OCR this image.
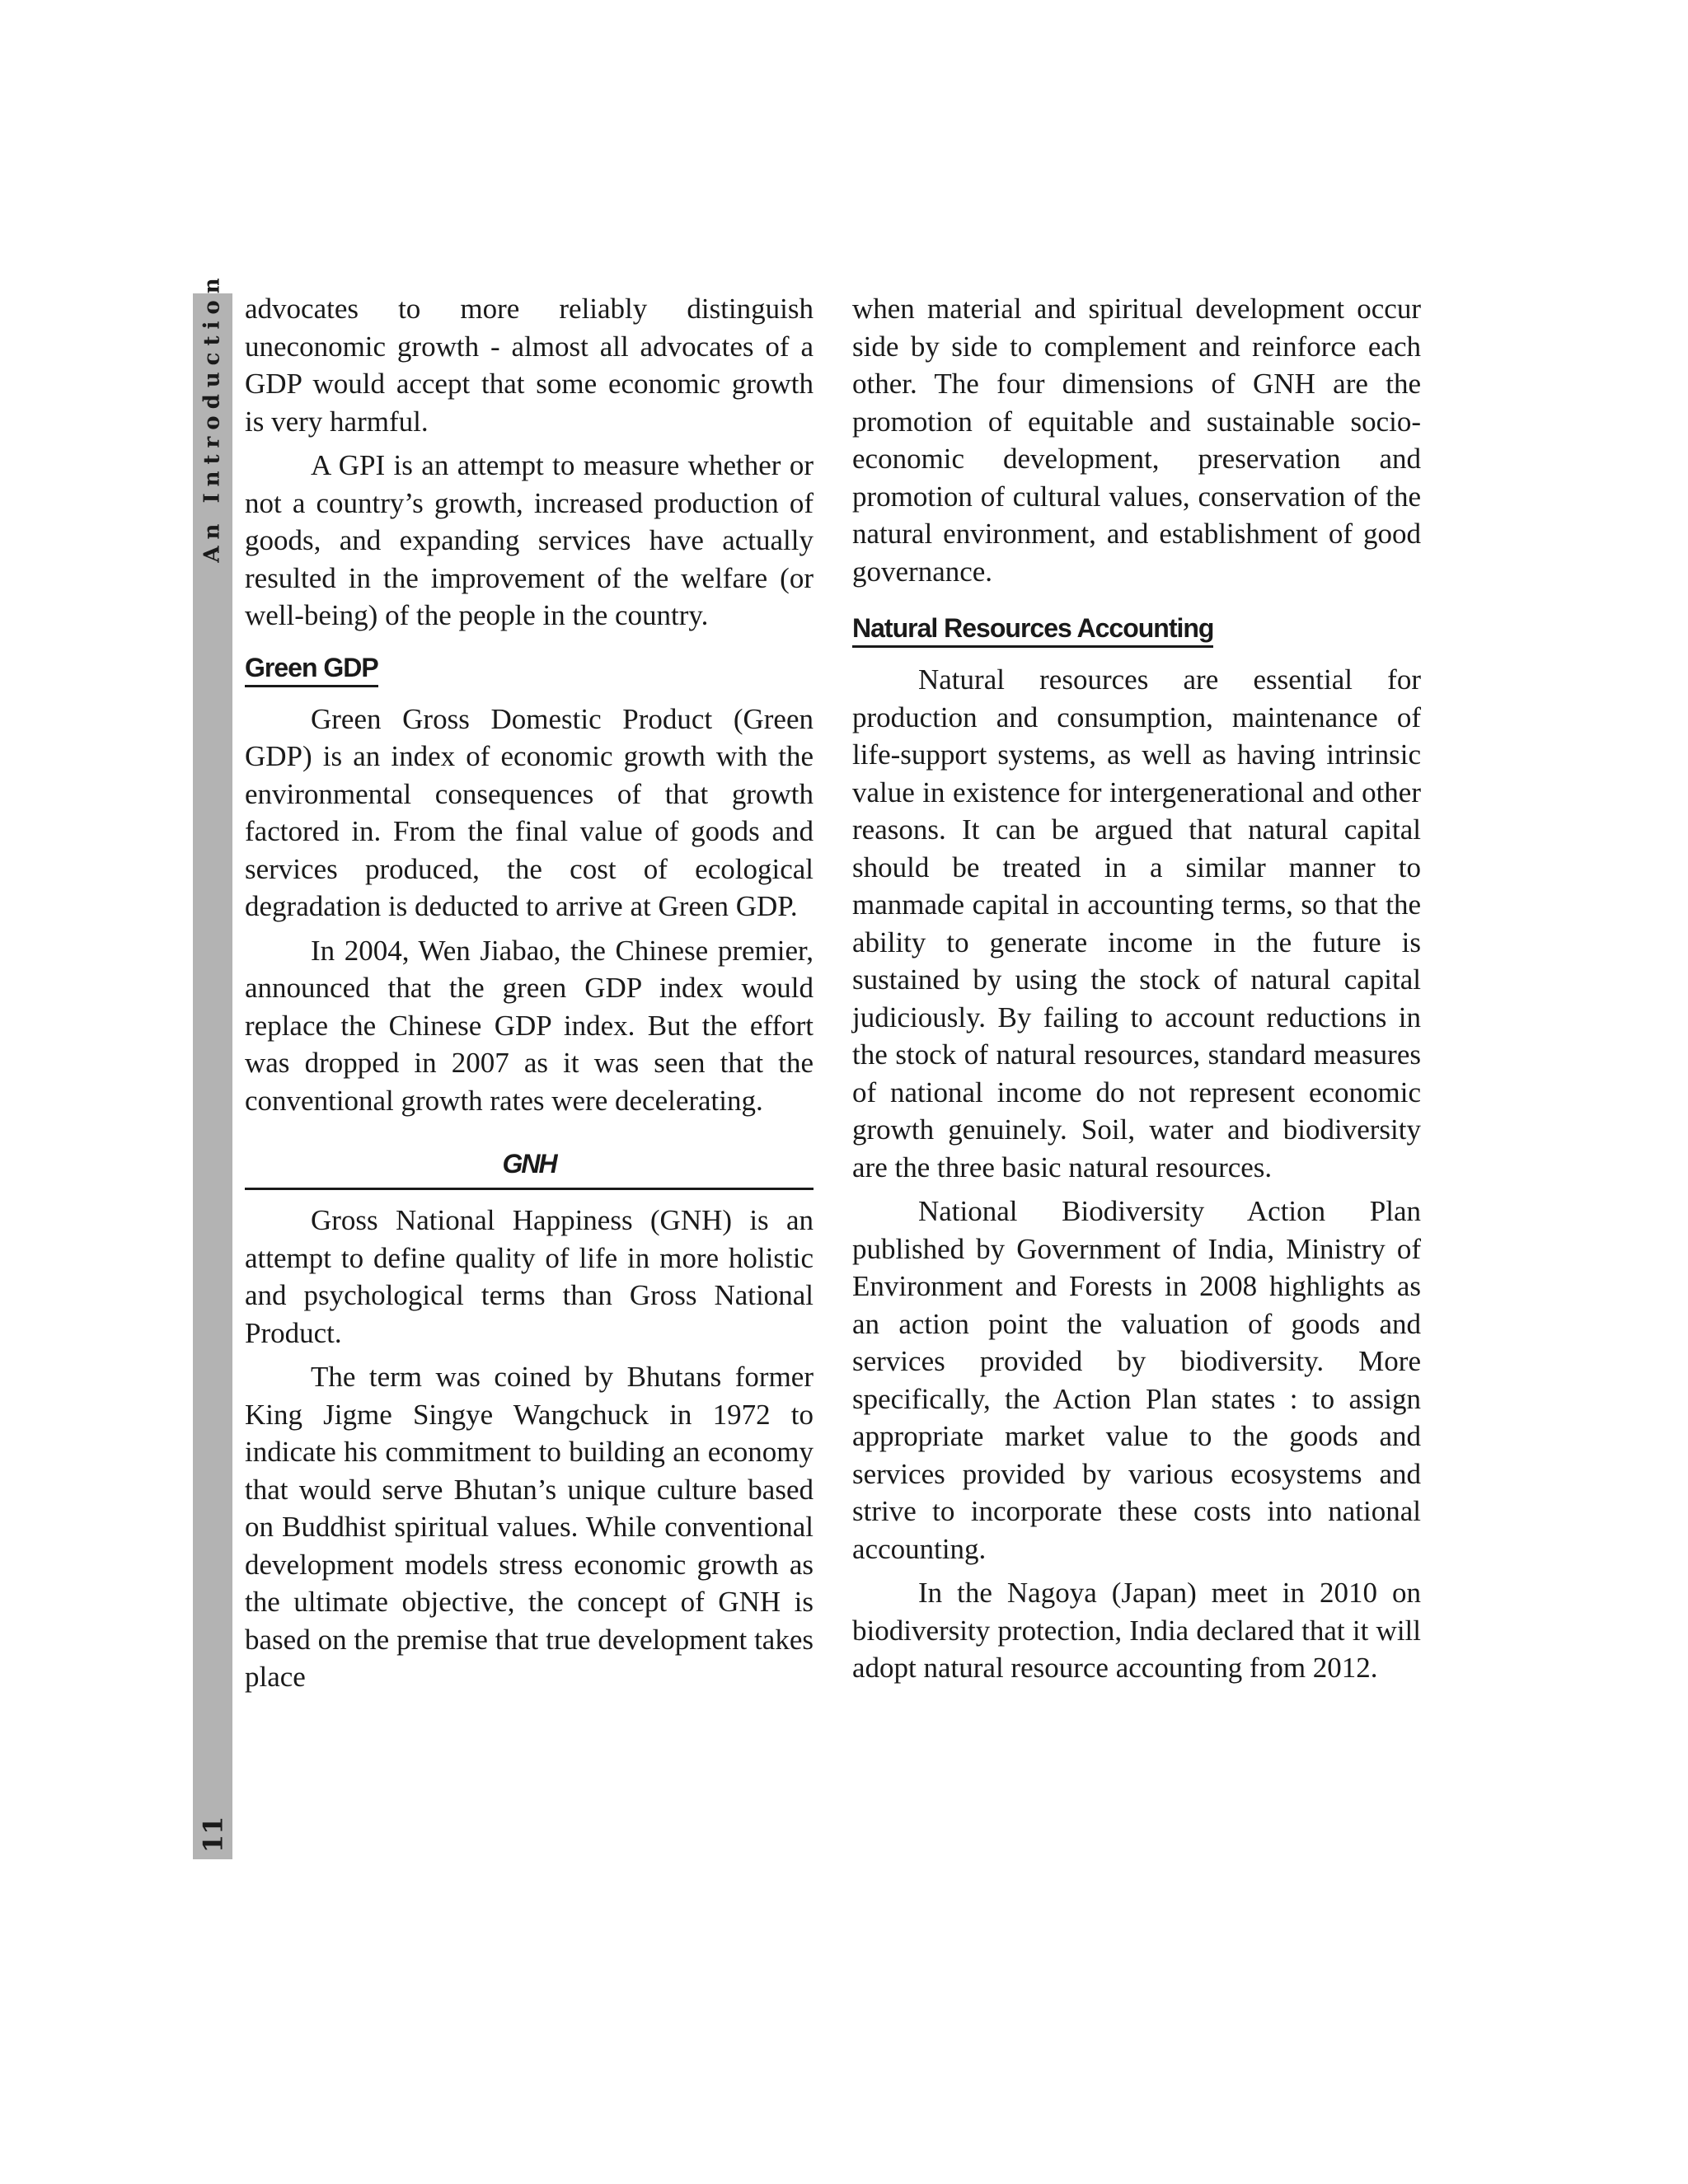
An Introduction
11

advocates to more reliably distinguish uneconomic growth - almost all advocates of a GDP would accept that some economic growth is very harmful.

A GPI is an attempt to measure whether or not a country’s growth, increased production of goods, and expanding services have actually resulted in the improvement of the welfare (or well-being) of the people in the country.

Green GDP

Green Gross Domestic Product (Green GDP) is an index of economic growth with the environmental consequences of that growth factored in. From the final value of goods and services produced, the cost of ecological degradation is deducted to arrive at Green GDP.

In 2004, Wen Jiabao, the Chinese premier, announced that the green GDP index would replace the Chinese GDP index. But the effort was dropped in 2007 as it was seen that the conventional growth rates were decelerating.

GNH

Gross National Happiness (GNH) is an attempt to define quality of life in more holistic and psychological terms than Gross National Product.

The term was coined by Bhutans former King Jigme Singye Wangchuck in 1972 to indicate his commitment to building an economy that would serve Bhutan’s unique culture based on Buddhist spiritual values. While conventional development models stress economic growth as the ultimate objective, the concept of GNH is based on the premise that true development takes place

when material and spiritual development occur side by side to complement and reinforce each other. The four dimensions of GNH are the promotion of equitable and sustainable socio-economic development, preservation and promotion of cultural values, conservation of the natural environment, and establishment of good governance.

Natural Resources Accounting

Natural resources are essential for production and consumption, maintenance of life-support systems, as well as having intrinsic value in existence for intergenerational and other reasons. It can be argued that natural capital should be treated in a similar manner to manmade capital in accounting terms, so that the ability to generate income in the future is sustained by using the stock of natural capital judiciously. By failing to account reductions in the stock of natural resources, standard measures of national income do not represent economic growth genuinely. Soil, water and biodiversity are the three basic natural resources.

National Biodiversity Action Plan published by Government of India, Ministry of Environment and Forests in 2008 highlights as an action point the valuation of goods and services provided by biodiversity. More specifically, the Action Plan states : to assign appropriate market value to the goods and services provided by various ecosystems and strive to incorporate these costs into national accounting.

In the Nagoya (Japan) meet in 2010 on biodiversity protection, India declared that it will adopt natural resource accounting from 2012.
